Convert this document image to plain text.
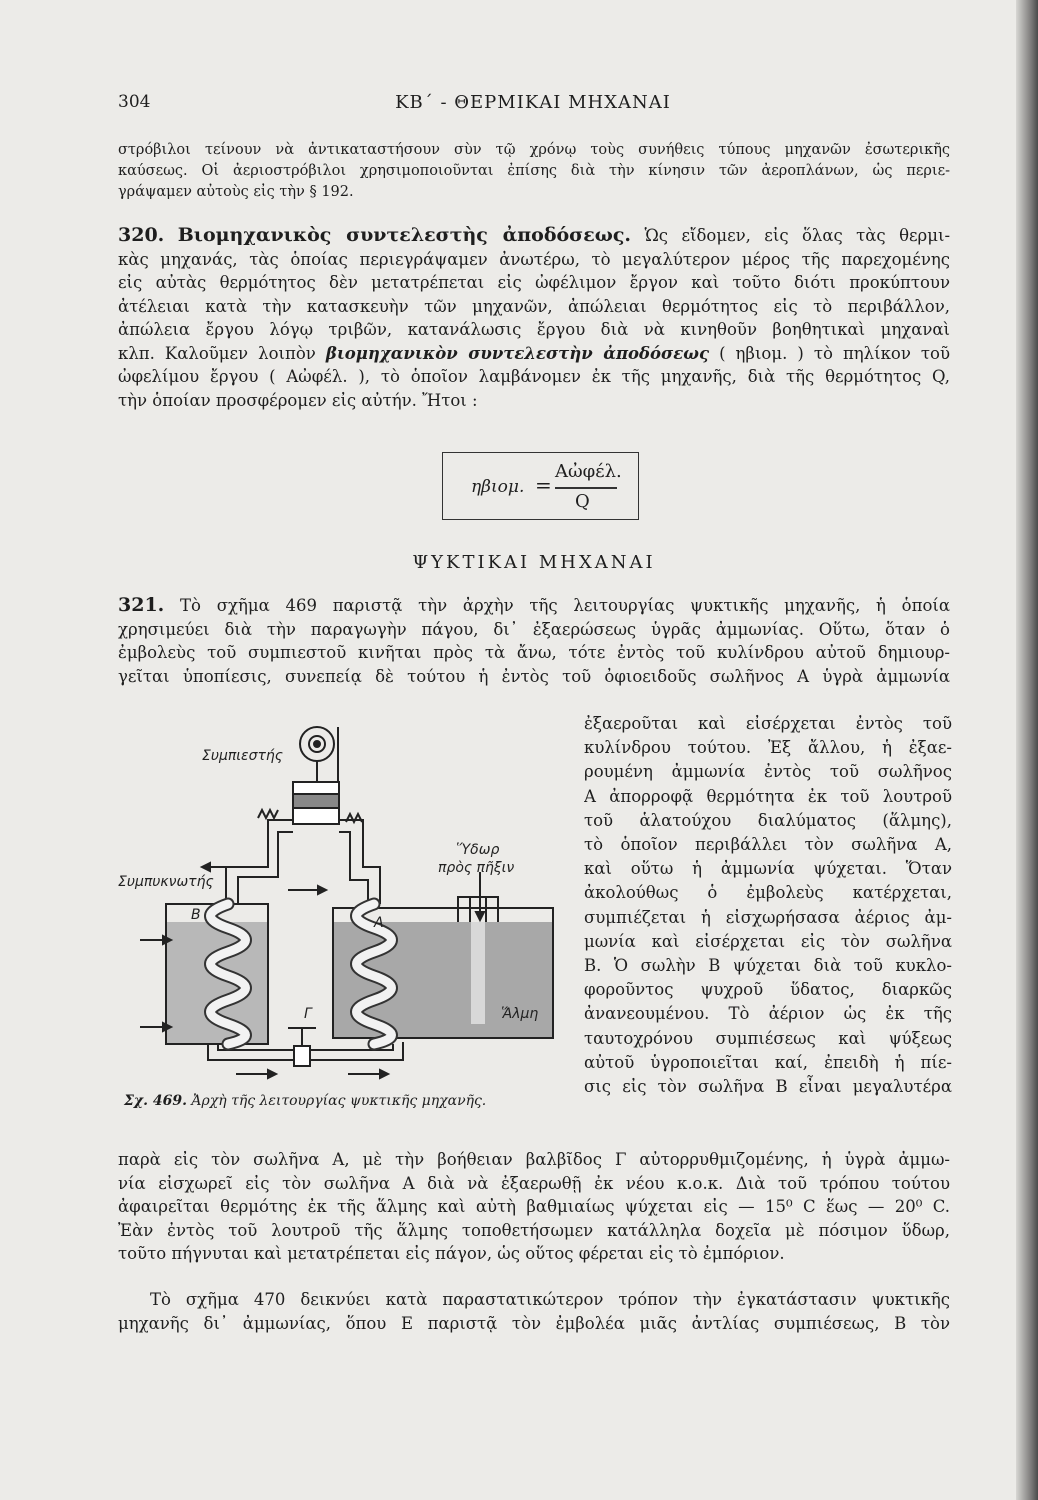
304	ΚΒ΄ - ΘΕΡΜΙΚΑΙ ΜΗΧΑΝΑΙ
στρόβιλοι τείνουν νὰ ἀντικαταστήσουν σὺν τῷ χρόνῳ τοὺς συνήθεις τύπους μηχανῶν ἐσωτερικῆς
καύσεως. Οἱ ἀεριοστρόβιλοι χρησιμοποιοῦνται ἐπίσης διὰ τὴν κίνησιν τῶν ἀεροπλάνων, ὡς περιε-
γράψαμεν αὐτοὺς εἰς τὴν § 192.
320. Βιομηχανικὸς συντελεστὴς ἀποδόσεως. Ὡς εἴδομεν, εἰς ὅλας τὰς θερμι-
κὰς μηχανάς, τὰς ὁποίας περιεγράψαμεν ἀνωτέρω, τὸ μεγαλύτερον μέρος τῆς παρεχομένης
εἰς αὐτὰς θερμότητος δὲν μετατρέπεται εἰς ὠφέλιμον ἔργον καὶ τοῦτο διότι προκύπτουν
ἀτέλειαι κατὰ τὴν κατασκευὴν τῶν μηχανῶν, ἀπώλειαι θερμότητος εἰς τὸ περιβάλλον,
ἀπώλεια ἔργου λόγῳ τριβῶν, κατανάλωσις ἔργου διὰ νὰ κινηθοῦν βοηθητικαὶ μηχαναὶ
κλπ. Καλοῦμεν λοιπὸν βιομηχανικὸν συντελεστὴν ἀποδόσεως ( ηβιομ. ) τὸ πηλίκον τοῦ
ὠφελίμου ἔργου ( Αὠφέλ. ), τὸ ὁποῖον λαμβάνομεν ἐκ τῆς μηχανῆς, διὰ τῆς θερμότητος Q,
τὴν ὁποίαν προσφέρομεν εἰς αὐτήν. Ἤτοι :
ηβιομ. =
Αὠφέλ.
Q
ΨΥΚΤΙΚΑΙ ΜΗΧΑΝΑΙ
321. Τὸ σχῆμα 469 παριστᾷ τὴν ἀρχὴν τῆς λειτουργίας ψυκτικῆς μηχανῆς, ἡ ὁποία
χρησιμεύει διὰ τὴν παραγωγὴν πάγου, δι᾿ ἐξαερώσεως ὑγρᾶς ἀμμωνίας. Οὕτω, ὅταν ὁ
ἐμβολεὺς τοῦ συμπιεστοῦ κινῆται πρὸς τὰ ἄνω, τότε ἐντὸς τοῦ κυλίνδρου αὐτοῦ δημιουρ-
γεῖται ὑποπίεσις, συνεπείᾳ δὲ τούτου ἡ ἐντὸς τοῦ ὀφιοειδοῦς σωλῆνος Α ὑγρὰ ἀμμωνία
ἐξαεροῦται καὶ εἰσέρχεται ἐντὸς τοῦ
κυλίνδρου τούτου. Ἐξ ἄλλου, ἡ ἐξαε-
ρουμένη ἀμμωνία ἐντὸς τοῦ σωλῆνος
Α ἀπορροφᾷ θερμότητα ἐκ τοῦ λουτροῦ
τοῦ ἁλατούχου διαλύματος (ἅλμης),
τὸ ὁποῖον περιβάλλει τὸν σωλῆνα Α,
καὶ οὕτω ἡ ἀμμωνία ψύχεται. Ὅταν
ἀκολούθως ὁ ἐμβολεὺς κατέρχεται,
συμπιέζεται ἡ εἰσχωρήσασα ἀέριος ἀμ-
μωνία καὶ εἰσέρχεται εἰς τὸν σωλῆνα
Β. Ὁ σωλὴν Β ψύχεται διὰ τοῦ κυκλο-
φοροῦντος ψυχροῦ ὕδατος, διαρκῶς
ἀνανεουμένου. Τὸ ἀέριον ὡς ἐκ τῆς
ταυτοχρόνου συμπιέσεως καὶ ψύξεως
αὐτοῦ ὑγροποιεῖται καί, ἐπειδὴ ἡ πίε-
σις εἰς τὸν σωλῆνα Β εἶναι μεγαλυτέρα
Συμπιεστής
Συμπυκνωτής
Ὕδωρ
πρὸς πῆξιν
Ἅλμη
Α
Β
Γ
Σχ. 469. Ἀρχὴ τῆς λειτουργίας ψυκτικῆς μηχανῆς.
παρὰ εἰς τὸν σωλῆνα Α, μὲ τὴν βοήθειαν βαλβῖδος Γ αὐτορρυθμιζομένης, ἡ ὑγρὰ ἀμμω-
νία εἰσχωρεῖ εἰς τὸν σωλῆνα Α διὰ νὰ ἐξαερωθῇ ἐκ νέου κ.ο.κ. Διὰ τοῦ τρόπου τούτου
ἀφαιρεῖται θερμότης ἐκ τῆς ἅλμης καὶ αὐτὴ βαθμιαίως ψύχεται εἰς — 15⁰ C ἕως — 20⁰ C.
Ἐὰν ἐντὸς τοῦ λουτροῦ τῆς ἅλμης τοποθετήσωμεν κατάλληλα δοχεῖα μὲ πόσιμον ὕδωρ,
τοῦτο πήγνυται καὶ μετατρέπεται εἰς πάγον, ὡς οὕτος φέρεται εἰς τὸ ἐμπόριον.
Τὸ σχῆμα 470 δεικνύει κατὰ παραστατικώτερον τρόπον τὴν ἐγκατάστασιν ψυκτικῆς
μηχανῆς δι᾿ ἀμμωνίας, ὅπου Ε παριστᾷ τὸν ἐμβολέα μιᾶς ἀντλίας συμπιέσεως, Β τὸν
